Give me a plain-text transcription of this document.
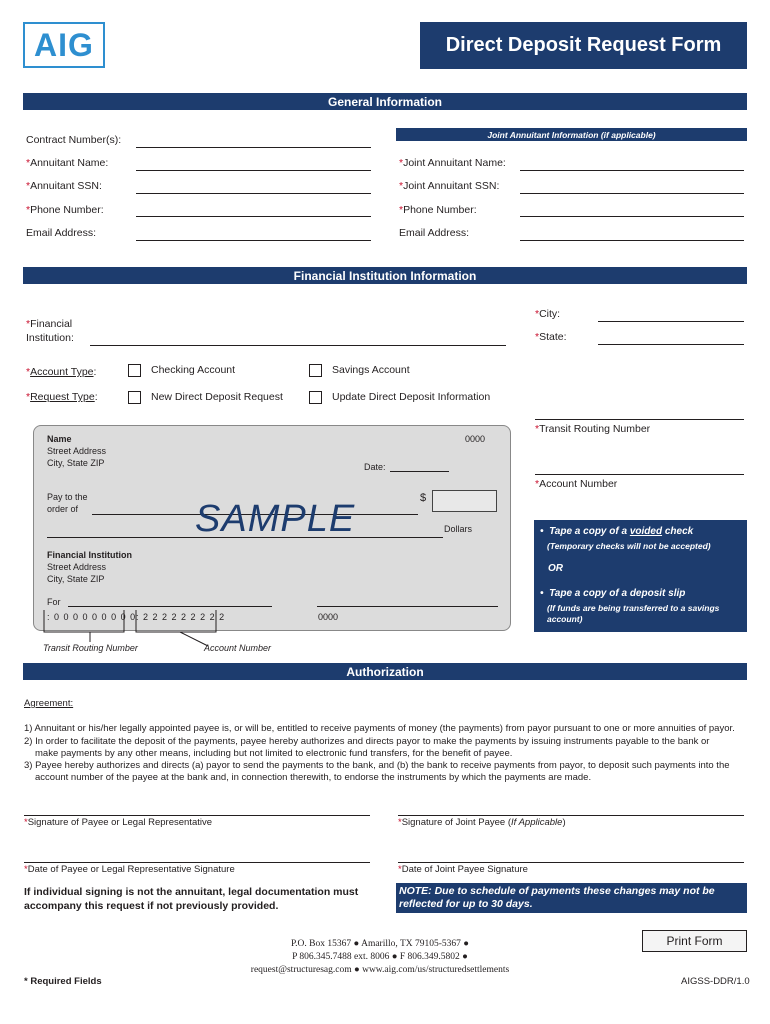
AIG	Direct Deposit Request Form
General Information
Joint Annuitant Information (if applicable)
Contract Number(s):
*Annuitant Name:	*Joint Annuitant Name:
*Annuitant SSN:	*Joint Annuitant SSN:
*Phone Number:	*Phone Number:
Email Address:	Email Address:
Financial Institution Information
*Financial
Institution:
*City:
*State:
*Account Type:	Checking Account	Savings Account
*Request Type:	New Direct Deposit Request	Update Direct Deposit Information
*Transit Routing Number
*Account Number
Name
Street Address
City, State ZIP
0000
Date:
Pay to the
order of
$
SAMPLE	Dollars
Financial Institution
Street Address
City, State ZIP
For
: 0 0 0 0 0 0 0 0 0 : 2 2 2 2 2 2 2 2 2	0000
Transit Routing Number	Account Number
•  Tape a copy of a voided check
(Temporary checks will not be accepted)
OR
•  Tape a copy of a deposit slip
(If funds are being transferred to a savings account)
Authorization
Agreement:
1) Annuitant or his/her legally appointed payee is, or will be, entitled to receive payments of money (the payments) from payor pursuant to one or more annuities of payor.
2) In order to facilitate the deposit of the payments, payee hereby authorizes and directs payor to make the payments by issuing instruments payable to the bank or make payments by any other means, including but not limited to electronic fund transfers, for the benefit of payee.
3) Payee hereby authorizes and directs (a) payor to send the payments to the bank, and (b) the bank to receive payments from payor, to deposit such payments into the account number of the payee at the bank and, in connection therewith, to endorse the instruments by which the payments are made.
*Signature of Payee or Legal Representative	*Signature of Joint Payee (If Applicable)
*Date of Payee or Legal Representative Signature	*Date of Joint Payee Signature
If individual signing is not the annuitant, legal documentation must accompany this request if not previously provided.
NOTE: Due to schedule of payments these changes may not be reflected for up to 30 days.
P.O. Box 15367 ● Amarillo, TX 79105-5367 ●
P 806.345.7488 ext. 8006 ● F 806.349.5802 ●
request@structuresag.com ● www.aig.com/us/structuredsettlements
Print Form
* Required Fields	AIGSS-DDR/1.0
